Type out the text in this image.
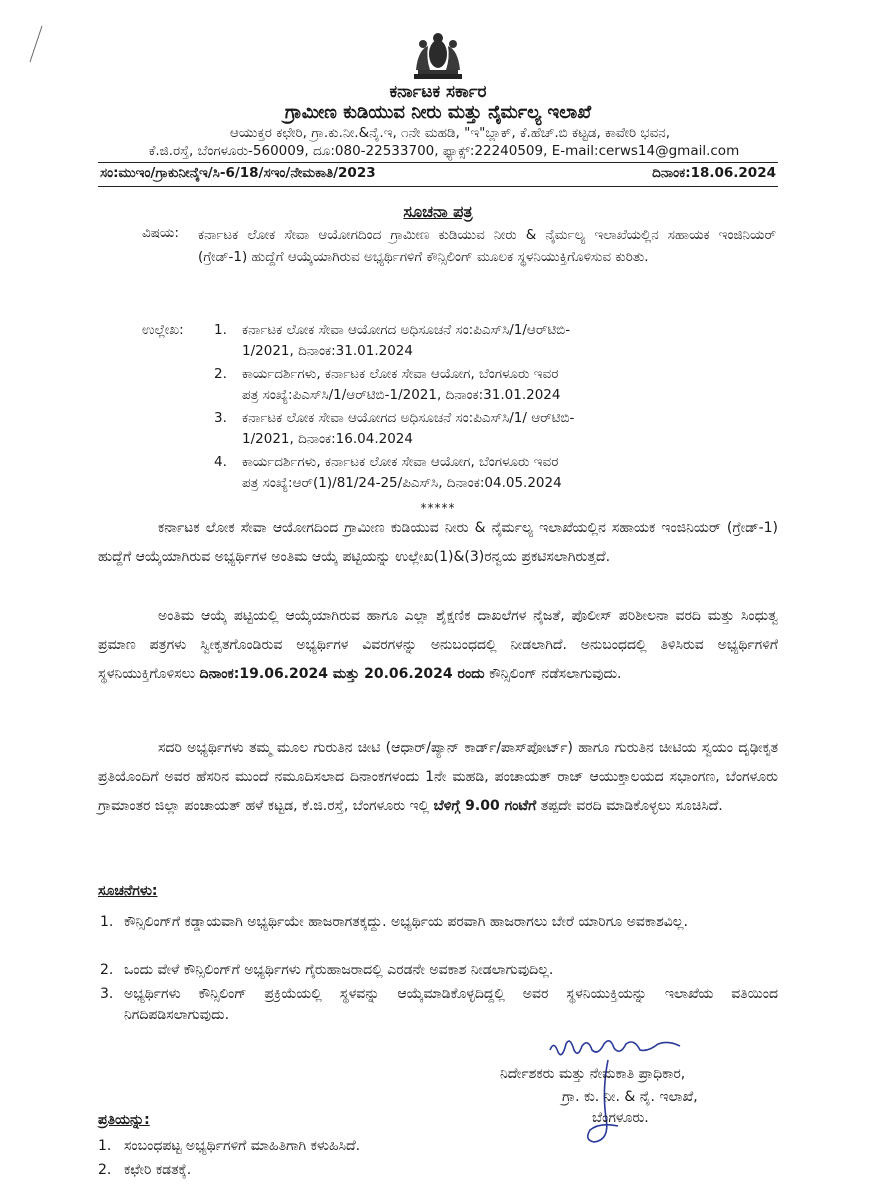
ಕರ್ನಾಟಕ ಸರ್ಕಾರ
ಗ್ರಾಮೀಣ ಕುಡಿಯುವ ನೀರು ಮತ್ತು ನೈರ್ಮಲ್ಯ ಇಲಾಖೆ
ಆಯುಕ್ತರ ಕಛೇರಿ, ಗ್ರಾ.ಕು.ನೀ.&ನೈ.ಇ, ೧ನೇ ಮಹಡಿ, "ಇ"ಬ್ಲಾಕ್, ಕೆ.ಹೆಚ್.ಬಿ ಕಟ್ಟಡ, ಕಾವೇರಿ ಭವನ,
ಕೆ.ಜಿ.ರಸ್ತೆ, ಬೆಂಗಳೂರು-560009, ದೂ:080-22533700, ಫ್ಯಾಕ್ಸ್:22240509, E-mail:cerws14@gmail.com
ಸಂ:ಮುಇಂ/ಗ್ರಾಕುನೀನೈಇ/ಸಿ-6/18/ಸಇಂ/ನೇಮಕಾತಿ/2023	ದಿನಾಂಕ:18.06.2024
ಸೂಚನಾ ಪತ್ರ
ವಿಷಯ: ಕರ್ನಾಟಕ ಲೋಕ ಸೇವಾ ಆಯೋಗದಿಂದ ಗ್ರಾಮೀಣ ಕುಡಿಯುವ ನೀರು & ನೈರ್ಮಲ್ಯ ಇಲಾಖೆಯಲ್ಲಿನ ಸಹಾಯಕ ಇಂಜಿನಿಯರ್ (ಗ್ರೇಡ್-1) ಹುದ್ದೆಗೆ ಆಯ್ಕೆಯಾಗಿರುವ ಅಭ್ಯರ್ಥಿಗಳಿಗೆ ಕೌನ್ಸಿಲಿಂಗ್ ಮೂಲಕ ಸ್ಥಳನಿಯುಕ್ತಿಗೊಳಿಸುವ ಕುರಿತು.
ಉಲ್ಲೇಖ: 1. ಕರ್ನಾಟಕ ಲೋಕ ಸೇವಾ ಆಯೋಗದ ಅಧಿಸೂಚನೆ ಸಂ:ಪಿಎಸ್‌ಸಿ/1/ಆರ್‌ಟಿಬಿ-
1/2021, ದಿನಾಂಕ:31.01.2024
2. ಕಾರ್ಯದರ್ಶಿಗಳು, ಕರ್ನಾಟಕ ಲೋಕ ಸೇವಾ ಆಯೋಗ, ಬೆಂಗಳೂರು ಇವರ
ಪತ್ರ ಸಂಖ್ಯೆ:ಪಿಎಸ್‌ಸಿ/1/ಆರ್‌ಟಿಬಿ-1/2021, ದಿನಾಂಕ:31.01.2024
3. ಕರ್ನಾಟಕ ಲೋಕ ಸೇವಾ ಆಯೋಗದ ಅಧಿಸೂಚನೆ ಸಂ:ಪಿಎಸ್‌ಸಿ/1/ ಆರ್‌ಟಿಬಿ-
1/2021, ದಿನಾಂಕ:16.04.2024
4. ಕಾರ್ಯದರ್ಶಿಗಳು, ಕರ್ನಾಟಕ ಲೋಕ ಸೇವಾ ಆಯೋಗ, ಬೆಂಗಳೂರು ಇವರ
ಪತ್ರ ಸಂಖ್ಯೆ:ಆರ್(1)/81/24-25/ಪಿಎಸ್‌ಸಿ, ದಿನಾಂಕ:04.05.2024
*****
ಕರ್ನಾಟಕ ಲೋಕ ಸೇವಾ ಆಯೋಗದಿಂದ ಗ್ರಾಮೀಣ ಕುಡಿಯುವ ನೀರು & ನೈರ್ಮಲ್ಯ ಇಲಾಖೆಯಲ್ಲಿನ ಸಹಾಯಕ ಇಂಜಿನಿಯರ್ (ಗ್ರೇಡ್-1) ಹುದ್ದೆಗೆ ಆಯ್ಕೆಯಾಗಿರುವ ಅಭ್ಯರ್ಥಿಗಳ ಅಂತಿಮ ಆಯ್ಕೆ ಪಟ್ಟಿಯನ್ನು ಉಲ್ಲೇಖ(1)&(3)ರನ್ವಯ ಪ್ರಕಟಿಸಲಾಗಿರುತ್ತದೆ.
ಅಂತಿಮ ಆಯ್ಕೆ ಪಟ್ಟಿಯಲ್ಲಿ ಆಯ್ಕೆಯಾಗಿರುವ ಹಾಗೂ ಎಲ್ಲಾ ಶೈಕ್ಷಣಿಕ ದಾಖಲೆಗಳ ನೈಜತೆ, ಪೊಲೀಸ್ ಪರಿಶೀಲನಾ ವರದಿ ಮತ್ತು ಸಿಂಧುತ್ವ ಪ್ರಮಾಣ ಪತ್ರಗಳು ಸ್ವೀಕೃತಗೊಂಡಿರುವ ಅಭ್ಯರ್ಥಿಗಳ ವಿವರಗಳನ್ನು ಅನುಬಂಧದಲ್ಲಿ ನೀಡಲಾಗಿದೆ. ಅನುಬಂಧದಲ್ಲಿ ತಿಳಿಸಿರುವ ಅಭ್ಯರ್ಥಿಗಳಿಗೆ ಸ್ಥಳನಿಯುಕ್ತಿಗೊಳಿಸಲು ದಿನಾಂಕ:19.06.2024 ಮತ್ತು 20.06.2024 ರಂದು ಕೌನ್ಸಿಲಿಂಗ್ ನಡೆಸಲಾಗುವುದು.
ಸದರಿ ಅಭ್ಯರ್ಥಿಗಳು ತಮ್ಮ ಮೂಲ ಗುರುತಿನ ಚೀಟಿ (ಆಧಾರ್/ಪ್ಯಾನ್ ಕಾರ್ಡ್/ಪಾಸ್‌ಪೋರ್ಟ್) ಹಾಗೂ ಗುರುತಿನ ಚೀಟಿಯ ಸ್ವಯಂ ದೃಢೀಕೃತ ಪ್ರತಿಯೊಂದಿಗೆ ಅವರ ಹೆಸರಿನ ಮುಂದೆ ನಮೂದಿಸಲಾದ ದಿನಾಂಕಗಳಂದು 1ನೇ ಮಹಡಿ, ಪಂಚಾಯತ್ ರಾಜ್ ಆಯುಕ್ತಾಲಯದ ಸಭಾಂಗಣ, ಬೆಂಗಳೂರು ಗ್ರಾಮಾಂತರ ಜಿಲ್ಲಾ ಪಂಚಾಯತ್ ಹಳೆ ಕಟ್ಟಡ, ಕೆ.ಜಿ.ರಸ್ತೆ, ಬೆಂಗಳೂರು ಇಲ್ಲಿ ಬೆಳಿಗ್ಗೆ 9.00 ಗಂಟೆಗೆ ತಪ್ಪದೇ ವರದಿ ಮಾಡಿಕೊಳ್ಳಲು ಸೂಚಿಸಿದೆ.
ಸೂಚನೆಗಳು:
1. ಕೌನ್ಸಿಲಿಂಗ್‌ಗೆ ಕಡ್ಡಾಯವಾಗಿ ಅಭ್ಯರ್ಥಿಯೇ ಹಾಜರಾಗತಕ್ಕದ್ದು. ಅಭ್ಯರ್ಥಿಯ ಪರವಾಗಿ ಹಾಜರಾಗಲು ಬೇರೆ ಯಾರಿಗೂ ಅವಕಾಶವಿಲ್ಲ.
2. ಒಂದು ವೇಳೆ ಕೌನ್ಸಿಲಿಂಗ್‌ಗೆ ಅಭ್ಯರ್ಥಿಗಳು ಗೈರುಹಾಜರಾದಲ್ಲಿ ಎರಡನೇ ಅವಕಾಶ ನೀಡಲಾಗುವುದಿಲ್ಲ.
3. ಅಭ್ಯರ್ಥಿಗಳು ಕೌನ್ಸಿಲಿಂಗ್ ಪ್ರಕ್ರಿಯೆಯಲ್ಲಿ ಸ್ಥಳವನ್ನು ಆಯ್ಕೆಮಾಡಿಕೊಳ್ಳದಿದ್ದಲ್ಲಿ ಅವರ ಸ್ಥಳನಿಯುಕ್ತಿಯನ್ನು ಇಲಾಖೆಯ ವತಿಯಿಂದ ನಿಗದಿಪಡಿಸಲಾಗುವುದು.
ನಿರ್ದೇಶಕರು ಮತ್ತು ನೇಮಕಾತಿ ಪ್ರಾಧಿಕಾರ,
ಗ್ರಾ. ಕು. ನೀ. & ನೈ. ಇಲಾಖೆ,
ಬೆಂಗಳೂರು.
ಪ್ರತಿಯನ್ನು:
1. ಸಂಬಂಧಪಟ್ಟ ಅಭ್ಯರ್ಥಿಗಳಿಗೆ ಮಾಹಿತಿಗಾಗಿ ಕಳುಹಿಸಿದೆ.
2. ಕಛೇರಿ ಕಡತಕ್ಕೆ.
